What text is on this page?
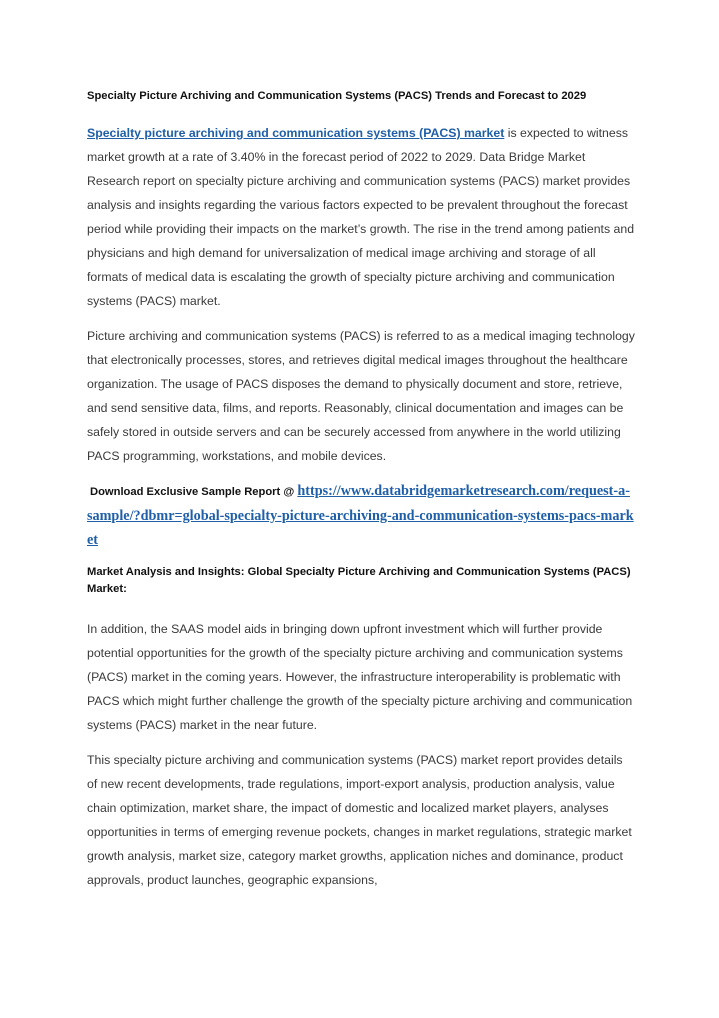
Specialty Picture Archiving and Communication Systems (PACS) Trends and Forecast to 2029

Specialty picture archiving and communication systems (PACS) market is expected to witness market growth at a rate of 3.40% in the forecast period of 2022 to 2029. Data Bridge Market Research report on specialty picture archiving and communication systems (PACS) market provides analysis and insights regarding the various factors expected to be prevalent throughout the forecast period while providing their impacts on the market’s growth. The rise in the trend among patients and physicians and high demand for universalization of medical image archiving and storage of all formats of medical data is escalating the growth of specialty picture archiving and communication systems (PACS) market.

Picture archiving and communication systems (PACS) is referred to as a medical imaging technology that electronically processes, stores, and retrieves digital medical images throughout the healthcare organization. The usage of PACS disposes the demand to physically document and store, retrieve, and send sensitive data, films, and reports. Reasonably, clinical documentation and images can be safely stored in outside servers and can be securely accessed from anywhere in the world utilizing PACS programming, workstations, and mobile devices.

Download Exclusive Sample Report @ https://www.databridgemarketresearch.com/request-a-sample/?dbmr=global-specialty-picture-archiving-and-communication-systems-pacs-market
Market Analysis and Insights: Global Specialty Picture Archiving and Communication Systems (PACS) Market:

In addition, the SAAS model aids in bringing down upfront investment which will further provide potential opportunities for the growth of the specialty picture archiving and communication systems (PACS) market in the coming years. However, the infrastructure interoperability is problematic with PACS which might further challenge the growth of the specialty picture archiving and communication systems (PACS) market in the near future.

This specialty picture archiving and communication systems (PACS) market report provides details of new recent developments, trade regulations, import-export analysis, production analysis, value chain optimization, market share, the impact of domestic and localized market players, analyses opportunities in terms of emerging revenue pockets, changes in market regulations, strategic market growth analysis, market size, category market growths, application niches and dominance, product approvals, product launches, geographic expansions,
